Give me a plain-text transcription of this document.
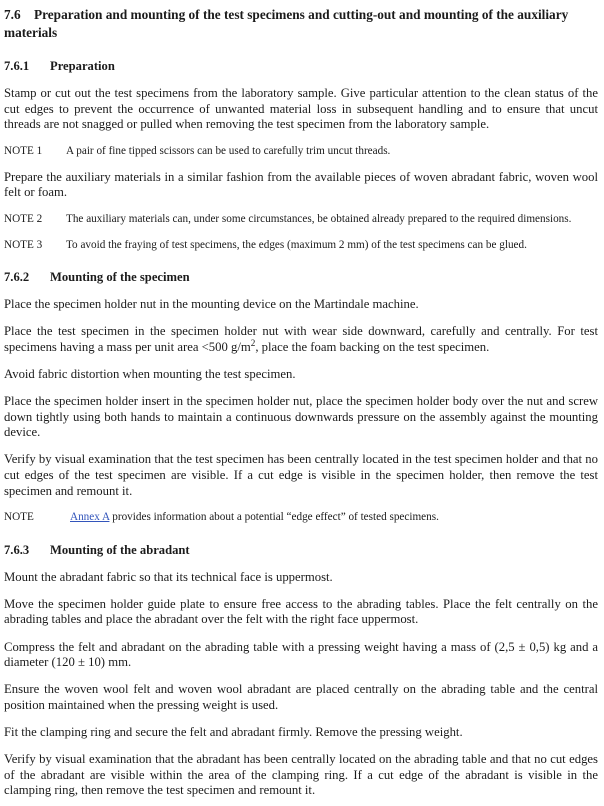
7.6 Preparation and mounting of the test specimens and cutting-out and mounting of the auxiliary materials
7.6.1 Preparation

Stamp or cut out the test specimens from the laboratory sample. Give particular attention to the clean status of the cut edges to prevent the occurrence of unwanted material loss in subsequent handling and to ensure that uncut threads are not snagged or pulled when removing the test specimen from the laboratory sample.

NOTE 1 A pair of fine tipped scissors can be used to carefully trim uncut threads.

Prepare the auxiliary materials in a similar fashion from the available pieces of woven abradant fabric, woven wool felt or foam.

NOTE 2 The auxiliary materials can, under some circumstances, be obtained already prepared to the required dimensions.

NOTE 3 To avoid the fraying of test specimens, the edges (maximum 2 mm) of the test specimens can be glued.

7.6.2 Mounting of the specimen

Place the specimen holder nut in the mounting device on the Martindale machine.

Place the test specimen in the specimen holder nut with wear side downward, carefully and centrally. For test specimens having a mass per unit area <500 $g/m^2$, place the foam backing on the test specimen.

Avoid fabric distortion when mounting the test specimen.

Place the specimen holder insert in the specimen holder nut, place the specimen holder body over the nut and screw down tightly using both hands to maintain a continuous downwards pressure on the assembly against the mounting device.

Verify by visual examination that the test specimen has been centrally located in the test specimen holder and that no cut edges of the test specimen are visible. If a cut edge is visible in the specimen holder, then remove the test specimen and remount it.

NOTE	Annex A provides information about a potential “edge effect” of tested specimens.

7.6.3 Mounting of the abradant

Mount the abradant fabric so that its technical face is uppermost.

Move the specimen holder guide plate to ensure free access to the abrading tables. Place the felt centrally on the abrading tables and place the abradant over the felt with the right face uppermost.

Compress the felt and abradant on the abrading table with a pressing weight having a mass of (2,5 ± 0,5) kg and a diameter (120 ± 10) mm.

Ensure the woven wool felt and woven wool abradant are placed centrally on the abrading table and the central position maintained when the pressing weight is used.

Fit the clamping ring and secure the felt and abradant firmly. Remove the pressing weight.

Verify by visual examination that the abradant has been centrally located on the abrading table and that no cut edges of the abradant are visible within the area of the clamping ring. If a cut edge of the abradant is visible in the clamping ring, then remove the test specimen and remount it.
